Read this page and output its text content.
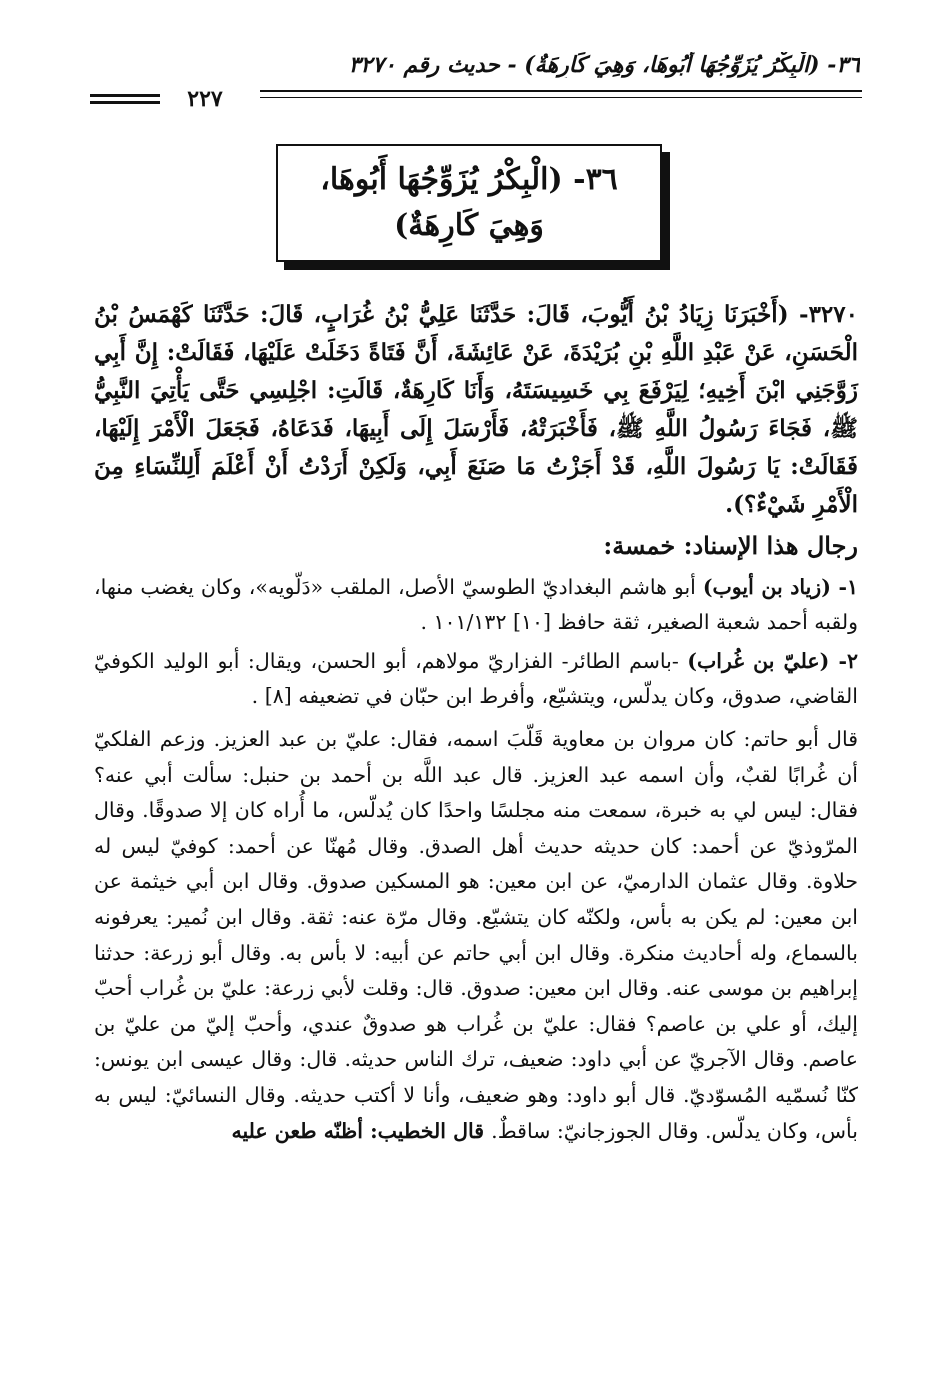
٣٦- (الْبِكْرُ يُزَوِّجُهَا أَبُوهَا، وَهِيَ كَارِهَةٌ) - حديث رقم ٣٢٧٠
٢٢٧
٣٦- (الْبِكْرُ يُزَوِّجُهَا أَبُوهَا، وَهِيَ كَارِهَةٌ)

٣٢٧٠- (أَخْبَرَنَا زِيَادُ بْنُ أَيُّوبَ، قَالَ: حَدَّثَنَا عَلِيُّ بْنُ غُرَابٍ، قَالَ: حَدَّثَنَا كَهْمَسُ بْنُ الْحَسَنِ، عَنْ عَبْدِ اللَّهِ بْنِ بُرَيْدَةَ، عَنْ عَائِشَةَ، أَنَّ فَتَاةً دَخَلَتْ عَلَيْهَا، فَقَالَتْ: إِنَّ أَبِي زَوَّجَنِي ابْنَ أَخِيهِ؛ لِيَرْفَعَ بِي خَسِيسَتَهُ، وَأَنَا كَارِهَةٌ، قَالَتِ: اجْلِسِي حَتَّى يَأْتِيَ النَّبِيُّ ﷺ، فَجَاءَ رَسُولُ اللَّهِ ﷺ، فَأَخْبَرَتْهُ، فَأَرْسَلَ إِلَى أَبِيهَا، فَدَعَاهُ، فَجَعَلَ الْأَمْرَ إِلَيْهَا، فَقَالَتْ: يَا رَسُولَ اللَّهِ، قَدْ أَجَزْتُ مَا صَنَعَ أَبِي، وَلَكِنْ أَرَدْتُ أَنْ أَعْلَمَ أَلِلنِّسَاءِ مِنَ الْأَمْرِ شَيْءٌ؟).

رجال هذا الإسناد: خمسة:

١- (زياد بن أيوب) أبو هاشم البغداديّ الطوسيّ الأصل، الملقب «دَلّويه»، وكان يغضب منها، ولقبه أحمد شعبة الصغير، ثقة حافظ [١٠] ١٠١/١٣٢ .

٢- (عليّ بن غُراب) -باسم الطائر- الفزاريّ مولاهم، أبو الحسن، ويقال: أبو الوليد الكوفيّ القاضي، صدوق، وكان يدلّس، ويتشيّع، وأفرط ابن حبّان في تضعيفه [٨] .

قال أبو حاتم: كان مروان بن معاوية قَلّبَ اسمه، فقال: عليّ بن عبد العزيز. وزعم الفلكيّ أن غُرابًا لقبٌ، وأن اسمه عبد العزيز. قال عبد اللَّه بن أحمد بن حنبل: سألت أبي عنه؟ فقال: ليس لي به خبرة، سمعت منه مجلسًا واحدًا كان يُدلّس، ما أُراه كان إلا صدوقًا. وقال المرّوذيّ عن أحمد: كان حديثه حديث أهل الصدق. وقال مُهنّا عن أحمد: كوفيّ ليس له حلاوة. وقال عثمان الدارميّ، عن ابن معين: هو المسكين صدوق. وقال ابن أبي خيثمة عن ابن معين: لم يكن به بأس، ولكنّه كان يتشيّع. وقال مرّة عنه: ثقة. وقال ابن نُمير: يعرفونه بالسماع، وله أحاديث منكرة. وقال ابن أبي حاتم عن أبيه: لا بأس به. وقال أبو زرعة: حدثنا إبراهيم بن موسى عنه. وقال ابن معين: صدوق. قال: وقلت لأبي زرعة: عليّ بن غُراب أحبّ إليك، أو علي بن عاصم؟ فقال: عليّ بن غُراب هو صدوقٌ عندي، وأحبّ إليّ من عليّ بن عاصم. وقال الآجريّ عن أبي داود: ضعيف، ترك الناس حديثه. قال: وقال عيسى ابن يونس: كنّا نُسمّيه المُسوّديّ. قال أبو داود: وهو ضعيف، وأنا لا أكتب حديثه. وقال النسائيّ: ليس به بأس، وكان يدلّس. وقال الجوزجانيّ: ساقطٌ. قال الخطيب: أظنّه طعن عليه
